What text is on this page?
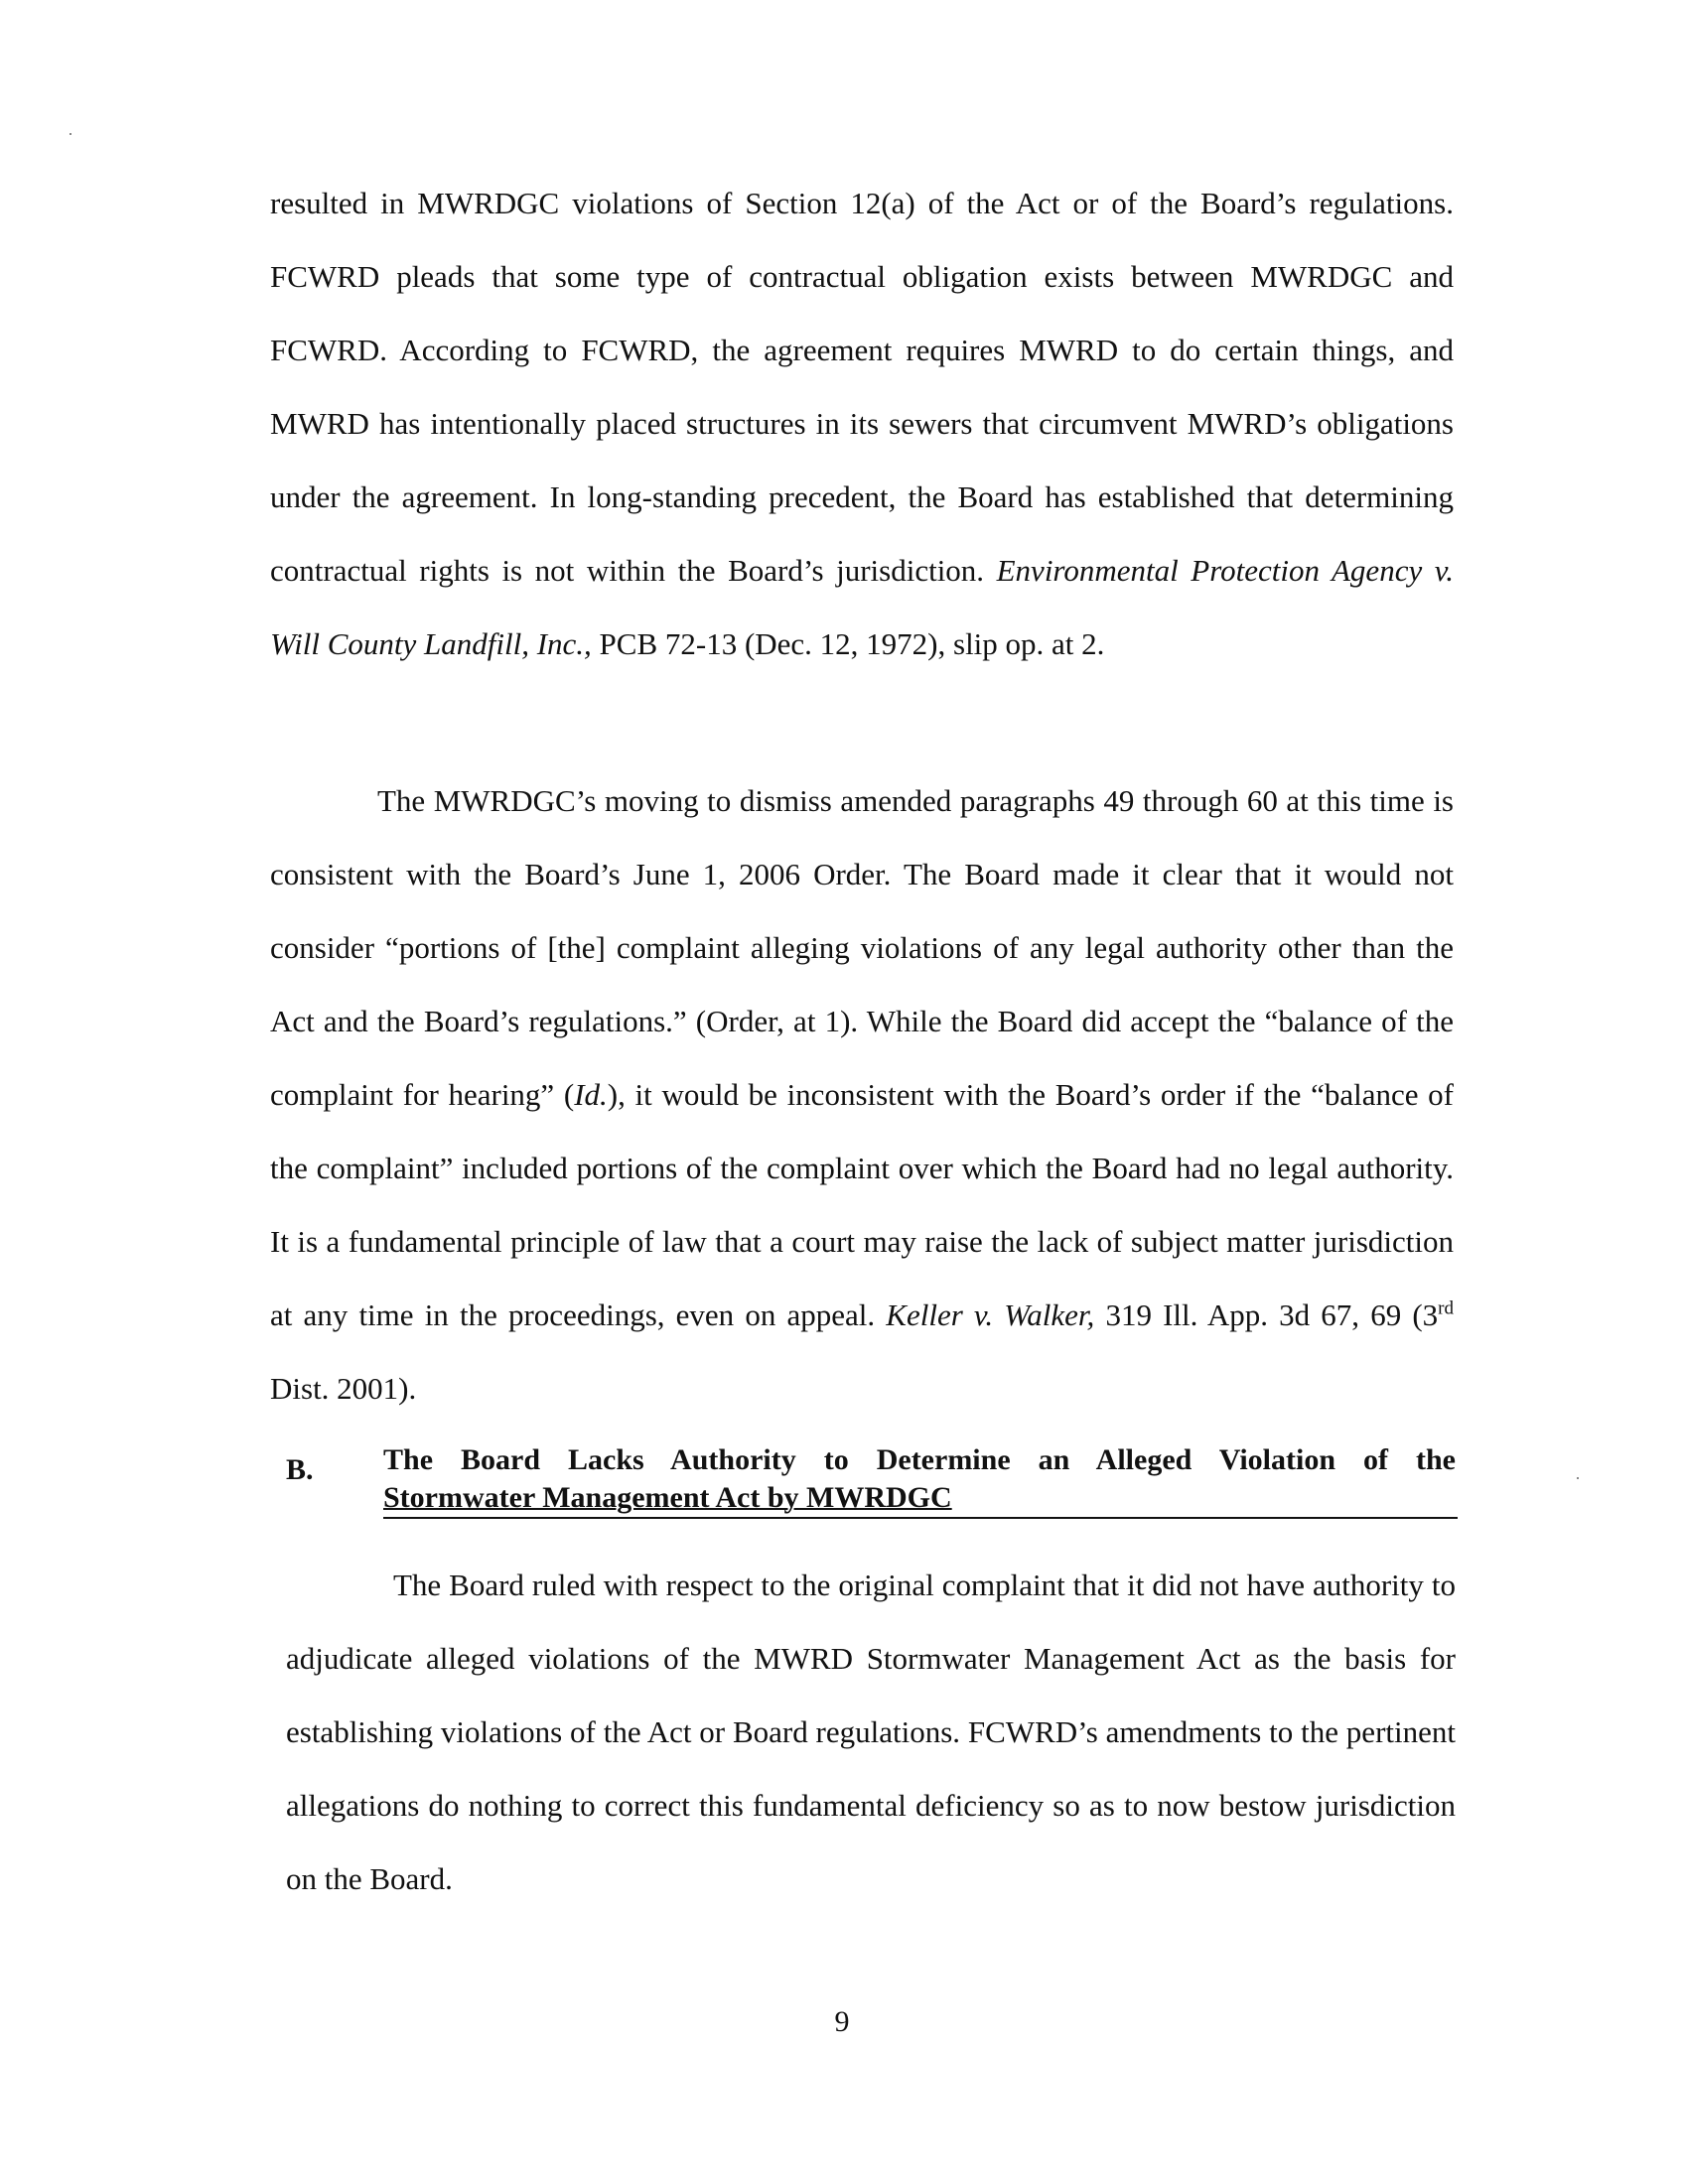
resulted in MWRDGC violations of Section 12(a) of the Act or of the Board’s regulations. FCWRD pleads that some type of contractual obligation exists between MWRDGC and FCWRD. According to FCWRD, the agreement requires MWRD to do certain things, and MWRD has intentionally placed structures in its sewers that circumvent MWRD’s obligations under the agreement. In long-standing precedent, the Board has established that determining contractual rights is not within the Board’s jurisdiction. Environmental Protection Agency v. Will County Landfill, Inc., PCB 72-13 (Dec. 12, 1972), slip op. at 2.
The MWRDGC’s moving to dismiss amended paragraphs 49 through 60 at this time is consistent with the Board’s June 1, 2006 Order. The Board made it clear that it would not consider “portions of [the] complaint alleging violations of any legal authority other than the Act and the Board’s regulations.” (Order, at 1). While the Board did accept the “balance of the complaint for hearing” (Id.), it would be inconsistent with the Board’s order if the “balance of the complaint” included portions of the complaint over which the Board had no legal authority. It is a fundamental principle of law that a court may raise the lack of subject matter jurisdiction at any time in the proceedings, even on appeal. Keller v. Walker, 319 Ill. App. 3d 67, 69 (3rd Dist. 2001).
B. The Board Lacks Authority to Determine an Alleged Violation of the
Stormwater Management Act by MWRDGC
The Board ruled with respect to the original complaint that it did not have authority to adjudicate alleged violations of the MWRD Stormwater Management Act as the basis for establishing violations of the Act or Board regulations. FCWRD’s amendments to the pertinent allegations do nothing to correct this fundamental deficiency so as to now bestow jurisdiction on the Board.
9
